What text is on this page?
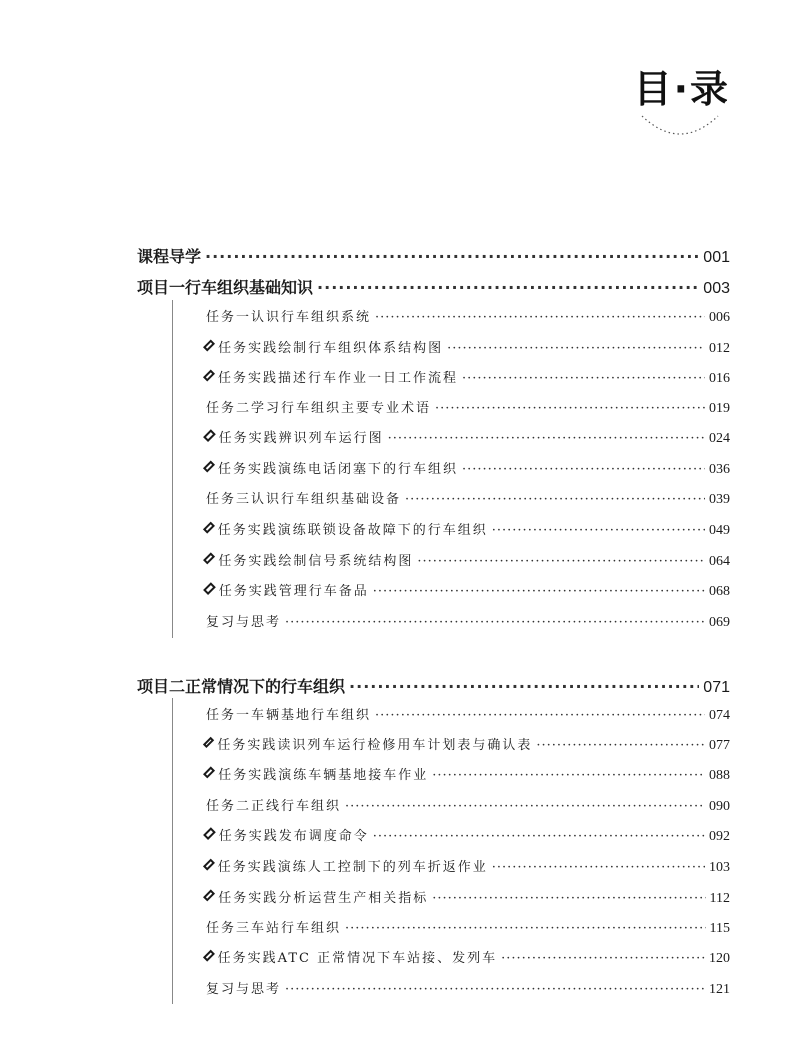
目·录
课程导学 ·····	001
项目一 行车组织基础知识 ·····	003
任务一 认识行车组织系统 ·····	006
任务实践 绘制行车组织体系结构图 ·····	012
任务实践 描述行车作业一日工作流程 ·····	016
任务二 学习行车组织主要专业术语 ·····	019
任务实践 辨识列车运行图 ·····	024
任务实践 演练电话闭塞下的行车组织 ·····	036
任务三 认识行车组织基础设备 ·····	039
任务实践 演练联锁设备故障下的行车组织 ·····	049
任务实践 绘制信号系统结构图 ·····	064
任务实践 管理行车备品 ·····	068
复习与思考 ·····	069
项目二 正常情况下的行车组织 ·····	071
任务一 车辆基地行车组织 ·····	074
任务实践 读识列车运行检修用车计划表与确认表 ·····	077
任务实践 演练车辆基地接车作业 ·····	088
任务二 正线行车组织 ·····	090
任务实践 发布调度命令 ·····	092
任务实践 演练人工控制下的列车折返作业 ·····	103
任务实践 分析运营生产相关指标 ·····	112
任务三 车站行车组织 ·····	115
任务实践 ATC 正常情况下车站接、发列车 ·····	120
复习与思考 ·····	121
